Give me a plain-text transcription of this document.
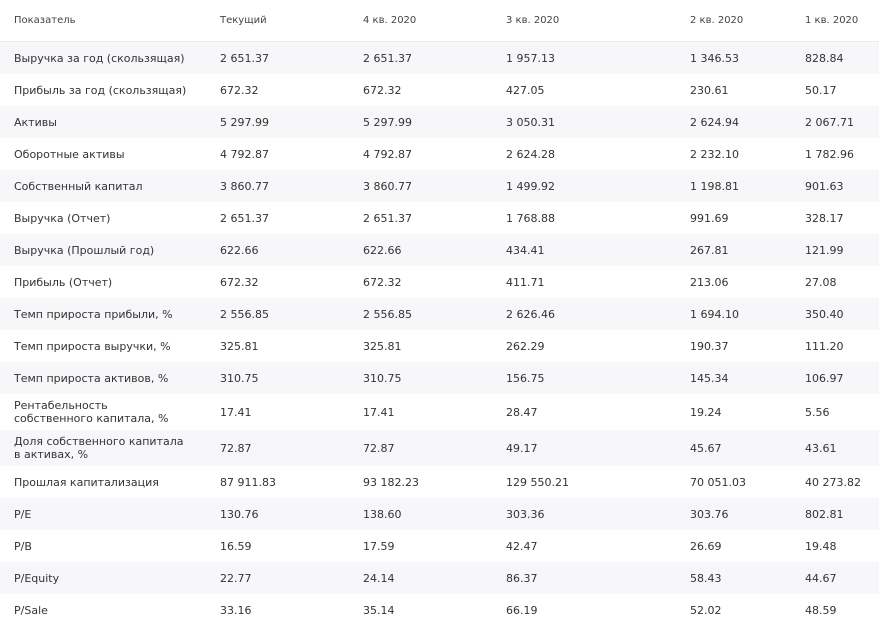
Показатель	Текущий	4 кв. 2020	3 кв. 2020	2 кв. 2020	1 кв. 2020
Выручка за год (скользящая)	2 651.37	2 651.37	1 957.13	1 346.53	828.84
Прибыль за год (скользящая)	672.32	672.32	427.05	230.61	50.17
Активы	5 297.99	5 297.99	3 050.31	2 624.94	2 067.71
Оборотные активы	4 792.87	4 792.87	2 624.28	2 232.10	1 782.96
Собственный капитал	3 860.77	3 860.77	1 499.92	1 198.81	901.63
Выручка (Отчет)	2 651.37	2 651.37	1 768.88	991.69	328.17
Выручка (Прошлый год)	622.66	622.66	434.41	267.81	121.99
Прибыль (Отчет)	672.32	672.32	411.71	213.06	27.08
Темп прироста прибыли, %	2 556.85	2 556.85	2 626.46	1 694.10	350.40
Темп прироста выручки, %	325.81	325.81	262.29	190.37	111.20
Темп прироста активов, %	310.75	310.75	156.75	145.34	106.97
Рентабельность собственного капитала, %	17.41	17.41	28.47	19.24	5.56
Доля собственного капитала в активах, %	72.87	72.87	49.17	45.67	43.61
Прошлая капитализация	87 911.83	93 182.23	129 550.21	70 051.03	40 273.82
P/E	130.76	138.60	303.36	303.76	802.81
P/B	16.59	17.59	42.47	26.69	19.48
P/Equity	22.77	24.14	86.37	58.43	44.67
P/Sale	33.16	35.14	66.19	52.02	48.59
